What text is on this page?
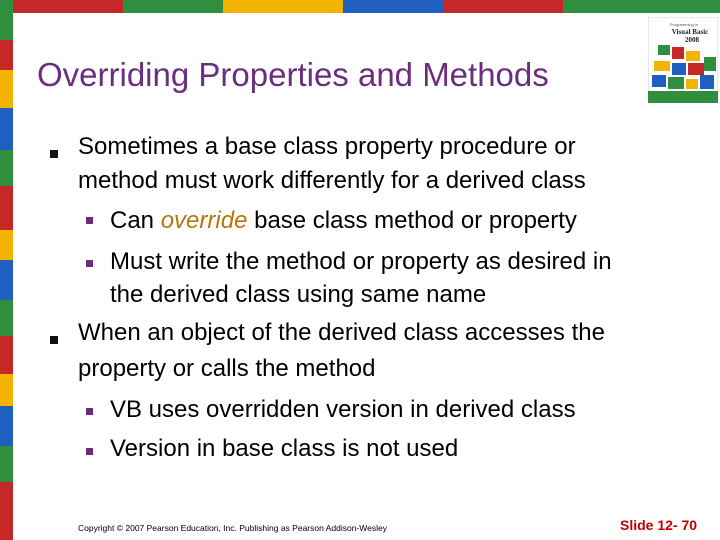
Overriding Properties and Methods
Programming in
Visual Basic
2008
Sometimes a base class property procedure or
method must work differently for a derived class
Can override base class method or property
Must write the method or property as desired in
the derived class using same name
When an object of the derived class accesses the
property or calls the method
VB uses overridden version in derived class
Version in base class is not used
Copyright © 2007 Pearson Education, Inc. Publishing as Pearson Addison-Wesley	Slide 12- 70
